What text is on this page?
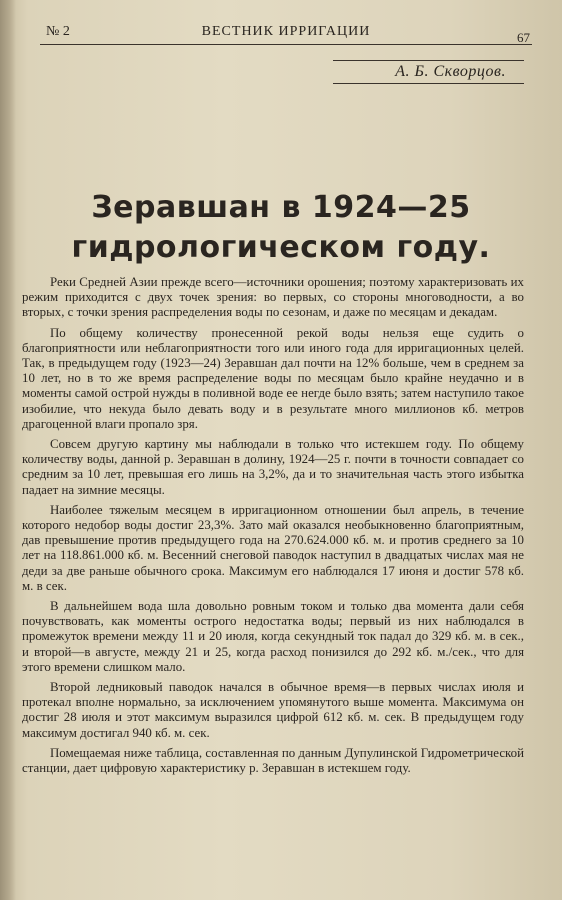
№ 2	ВЕСТНИК ИРРИГАЦИИ	67
А. Б. Скворцов.
Зеравшан в 1924—25 гидрологическом году.

Реки Средней Азии прежде всего—источники орошения; поэтому характеризовать их режим приходится с двух точек зрения: во первых, со стороны многоводности, а во вторых, с точки зрения распределения воды по сезонам, и даже по месяцам и декадам.

По общему количеству пронесенной рекой воды нельзя еще судить о благоприятности или неблагоприятности того или иного года для ирригационных целей. Так, в предыдущем году (1923—24) Зеравшан дал почти на 12% больше, чем в среднем за 10 лет, но в то же время распределение воды по месяцам было крайне неудачно и в моменты самой острой нужды в поливной воде ее негде было взять; затем наступило такое изобилие, что некуда было девать воду и в результате много миллионов кб. метров драгоценной влаги пропало зря.

Совсем другую картину мы наблюдали в только что истекшем году. По общему количеству воды, данной р. Зеравшан в долину, 1924—25 г. почти в точности совпадает со средним за 10 лет, превышая его лишь на 3,2%, да и то значительная часть этого избытка падает на зимние месяцы.

Наиболее тяжелым месяцем в ирригационном отношении был апрель, в течение которого недобор воды достиг 23,3%. Зато май оказался необыкновенно благоприятным, дав превышение против предыдущего года на 270.624.000 кб. м. и против среднего за 10 лет на 118.861.000 кб. м. Весенний снеговой паводок наступил в двадцатых числах мая не деди за две раньше обычного срока. Максимум его наблюдался 17 июня и достиг 578 кб. м. в сек.

В дальнейшем вода шла довольно ровным током и только два момента дали себя почувствовать, как моменты острого недостатка воды; первый из них наблюдался в промежуток времени между 11 и 20 июля, когда секундный ток падал до 329 кб. м. в сек., и второй—в августе, между 21 и 25, когда расход понизился до 292 кб. м./сек., что для этого времени слишком мало.

Второй ледниковый паводок начался в обычное время—в первых числах июля и протекал вполне нормально, за исключением упомянутого выше момента. Максимума он достиг 28 июля и этот максимум выразился цифрой 612 кб. м. сек. В предыдущем году максимум достигал 940 кб. м. сек.

Помещаемая ниже таблица, составленная по данным Дупулинской Гидрометрической станции, дает цифровую характеристику р. Зеравшан в истекшем году.
